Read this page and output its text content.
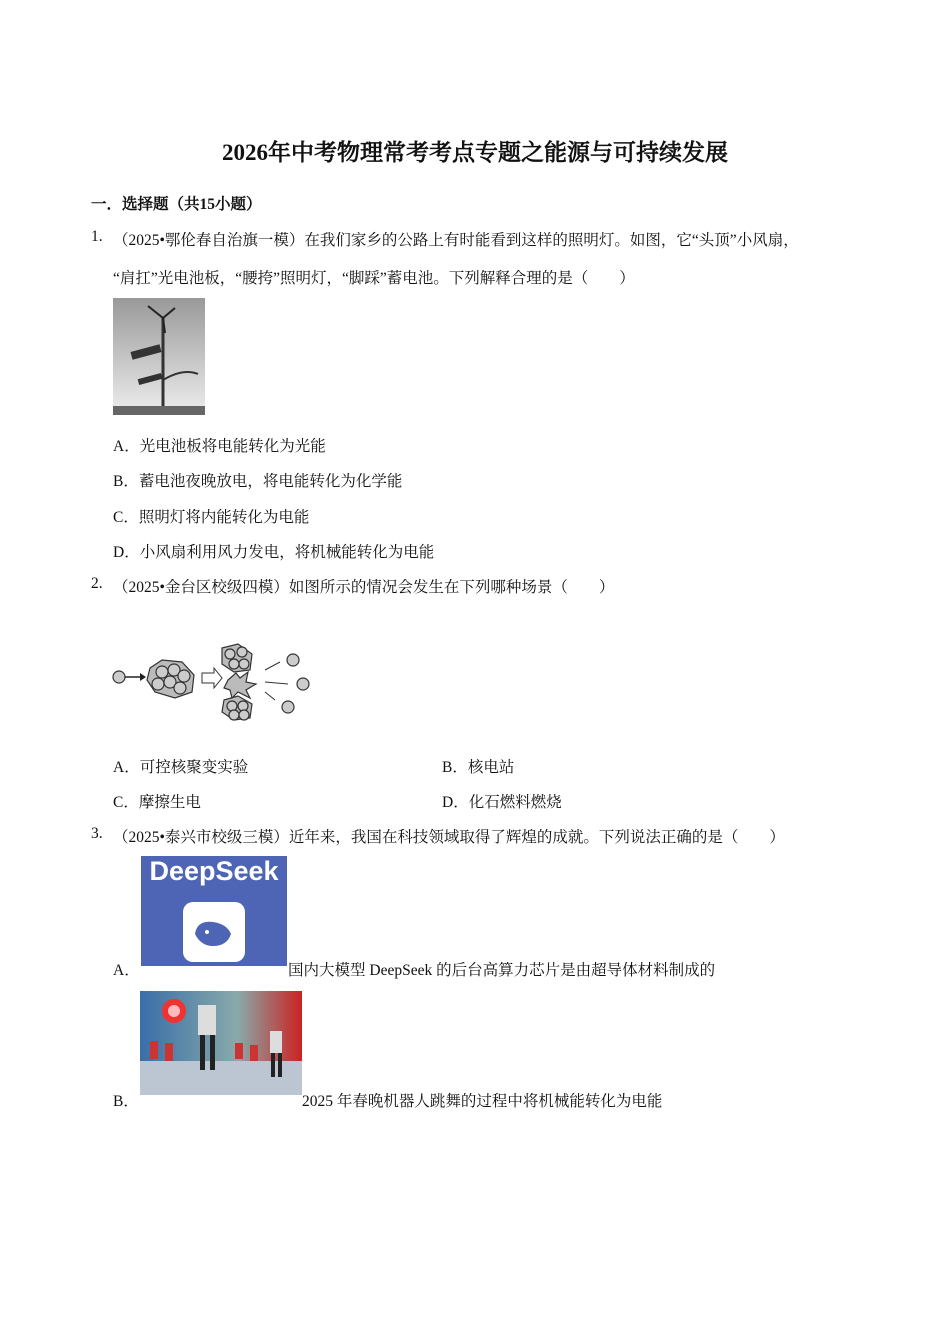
2026年中考物理常考考点专题之能源与可持续发展
一．选择题（共15小题）
1. （2025•鄂伦春自治旗一模）在我们家乡的公路上有时能看到这样的照明灯。如图，它“头顶”小风扇，
“肩扛”光电池板，“腰挎”照明灯，“脚踩”蓄电池。下列解释合理的是（　　）
A．光电池板将电能转化为光能
B．蓄电池夜晚放电，将电能转化为化学能
C．照明灯将内能转化为电能
D．小风扇利用风力发电，将机械能转化为电能
2. （2025•金台区校级四模）如图所示的情况会发生在下列哪种场景（　　）
A．可控核聚变实验	B．核电站
C．摩擦生电	D．化石燃料燃烧
3. （2025•泰兴市校级三模）近年来，我国在科技领域取得了辉煌的成就。下列说法正确的是（　　）
DeepSeek
A．	国内大模型 DeepSeek 的后台高算力芯片是由超导体材料制成的
B．	2025 年春晚机器人跳舞的过程中将机械能转化为电能
